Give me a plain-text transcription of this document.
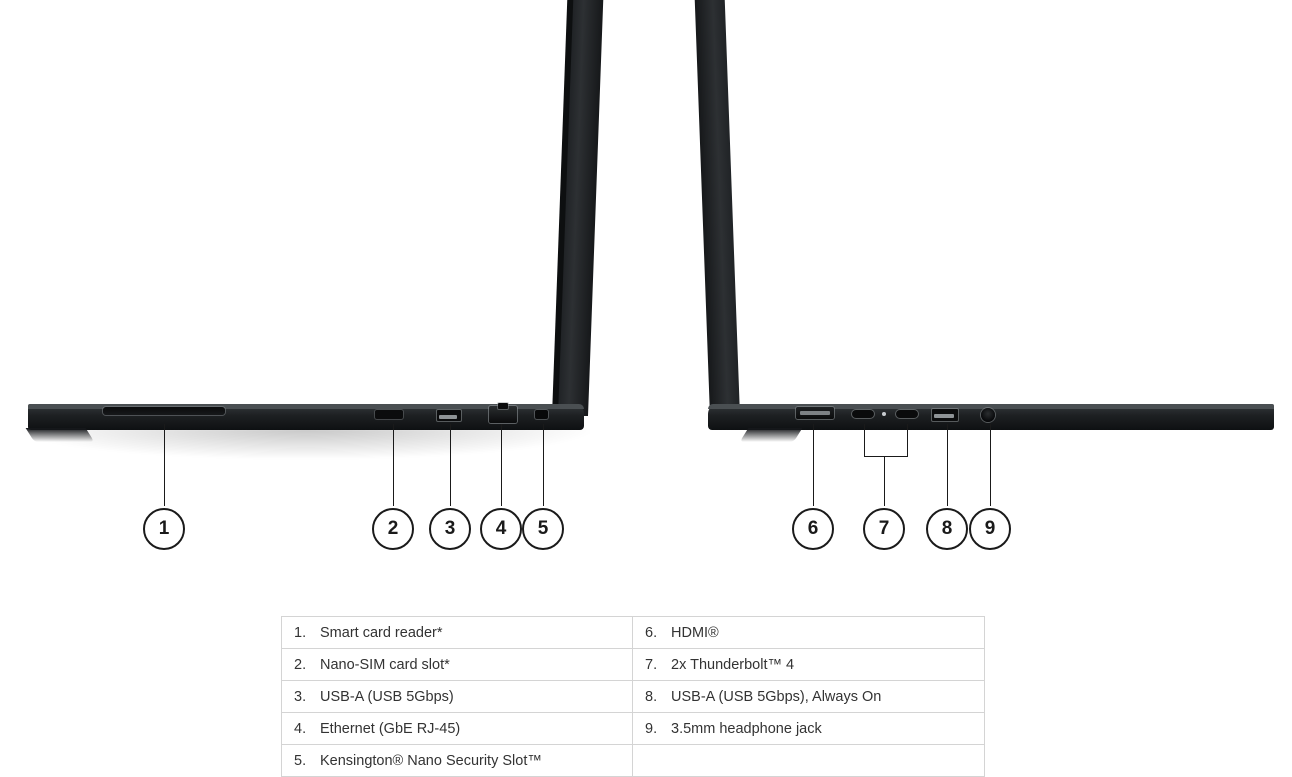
1	2 3 4 5	6	7	8 9
1. Smart card reader*	6. HDMI®
2. Nano-SIM card slot*	7. 2x Thunderbolt™ 4
3. USB-A (USB 5Gbps)	8. USB-A (USB 5Gbps), Always On
4. Ethernet (GbE RJ-45)	9. 3.5mm headphone jack
5. Kensington® Nano Security Slot™
